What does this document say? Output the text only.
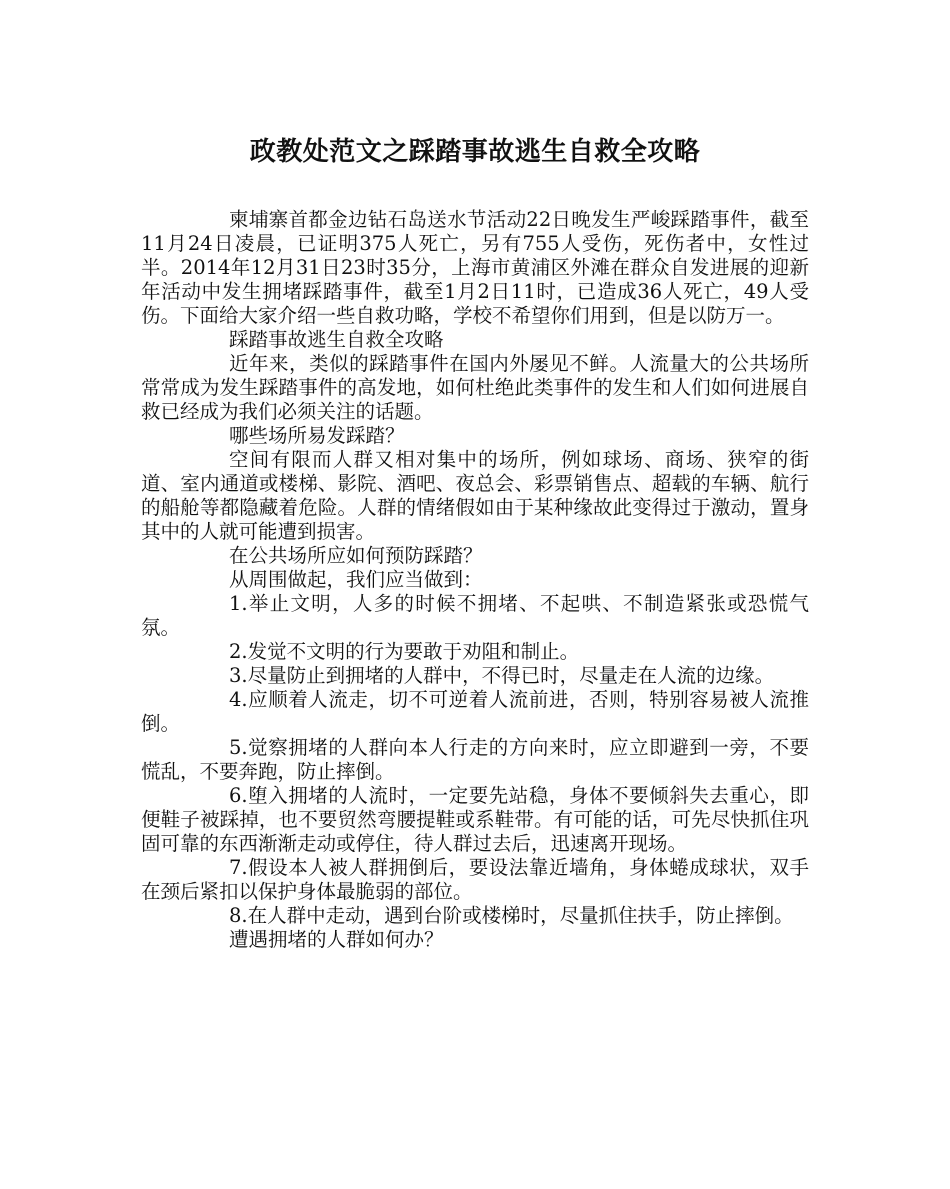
政教处范文之踩踏事故逃生自救全攻略

柬埔寨首都金边钻石岛送水节活动22日晚发生严峻踩踏事件，截至11月24日凌晨，已证明375人死亡，另有755人受伤，死伤者中，女性过半。2014年12月31日23时35分，上海市黄浦区外滩在群众自发进展的迎新年活动中发生拥堵踩踏事件，截至1月2日11时，已造成36人死亡，49人受伤。下面给大家介绍一些自救功略，学校不希望你们用到，但是以防万一。

踩踏事故逃生自救全攻略

近年来，类似的踩踏事件在国内外屡见不鲜。人流量大的公共场所常常成为发生踩踏事件的高发地，如何杜绝此类事件的发生和人们如何进展自救已经成为我们必须关注的话题。

哪些场所易发踩踏？

空间有限而人群又相对集中的场所，例如球场、商场、狭窄的街道、室内通道或楼梯、影院、酒吧、夜总会、彩票销售点、超载的车辆、航行的船舱等都隐藏着危险。人群的情绪假如由于某种缘故此变得过于激动，置身其中的人就可能遭到损害。

在公共场所应如何预防踩踏？

从周围做起，我们应当做到：

1.举止文明，人多的时候不拥堵、不起哄、不制造紧张或恐慌气氛。

2.发觉不文明的行为要敢于劝阻和制止。

3.尽量防止到拥堵的人群中，不得已时，尽量走在人流的边缘。

4.应顺着人流走，切不可逆着人流前进，否则，特别容易被人流推倒。

5.觉察拥堵的人群向本人行走的方向来时，应立即避到一旁，不要慌乱，不要奔跑，防止摔倒。

6.堕入拥堵的人流时，一定要先站稳，身体不要倾斜失去重心，即便鞋子被踩掉，也不要贸然弯腰提鞋或系鞋带。有可能的话，可先尽快抓住巩固可靠的东西渐渐走动或停住，待人群过去后，迅速离开现场。

7.假设本人被人群拥倒后，要设法靠近墙角，身体蜷成球状，双手在颈后紧扣以保护身体最脆弱的部位。

8.在人群中走动，遇到台阶或楼梯时，尽量抓住扶手，防止摔倒。

遭遇拥堵的人群如何办？
